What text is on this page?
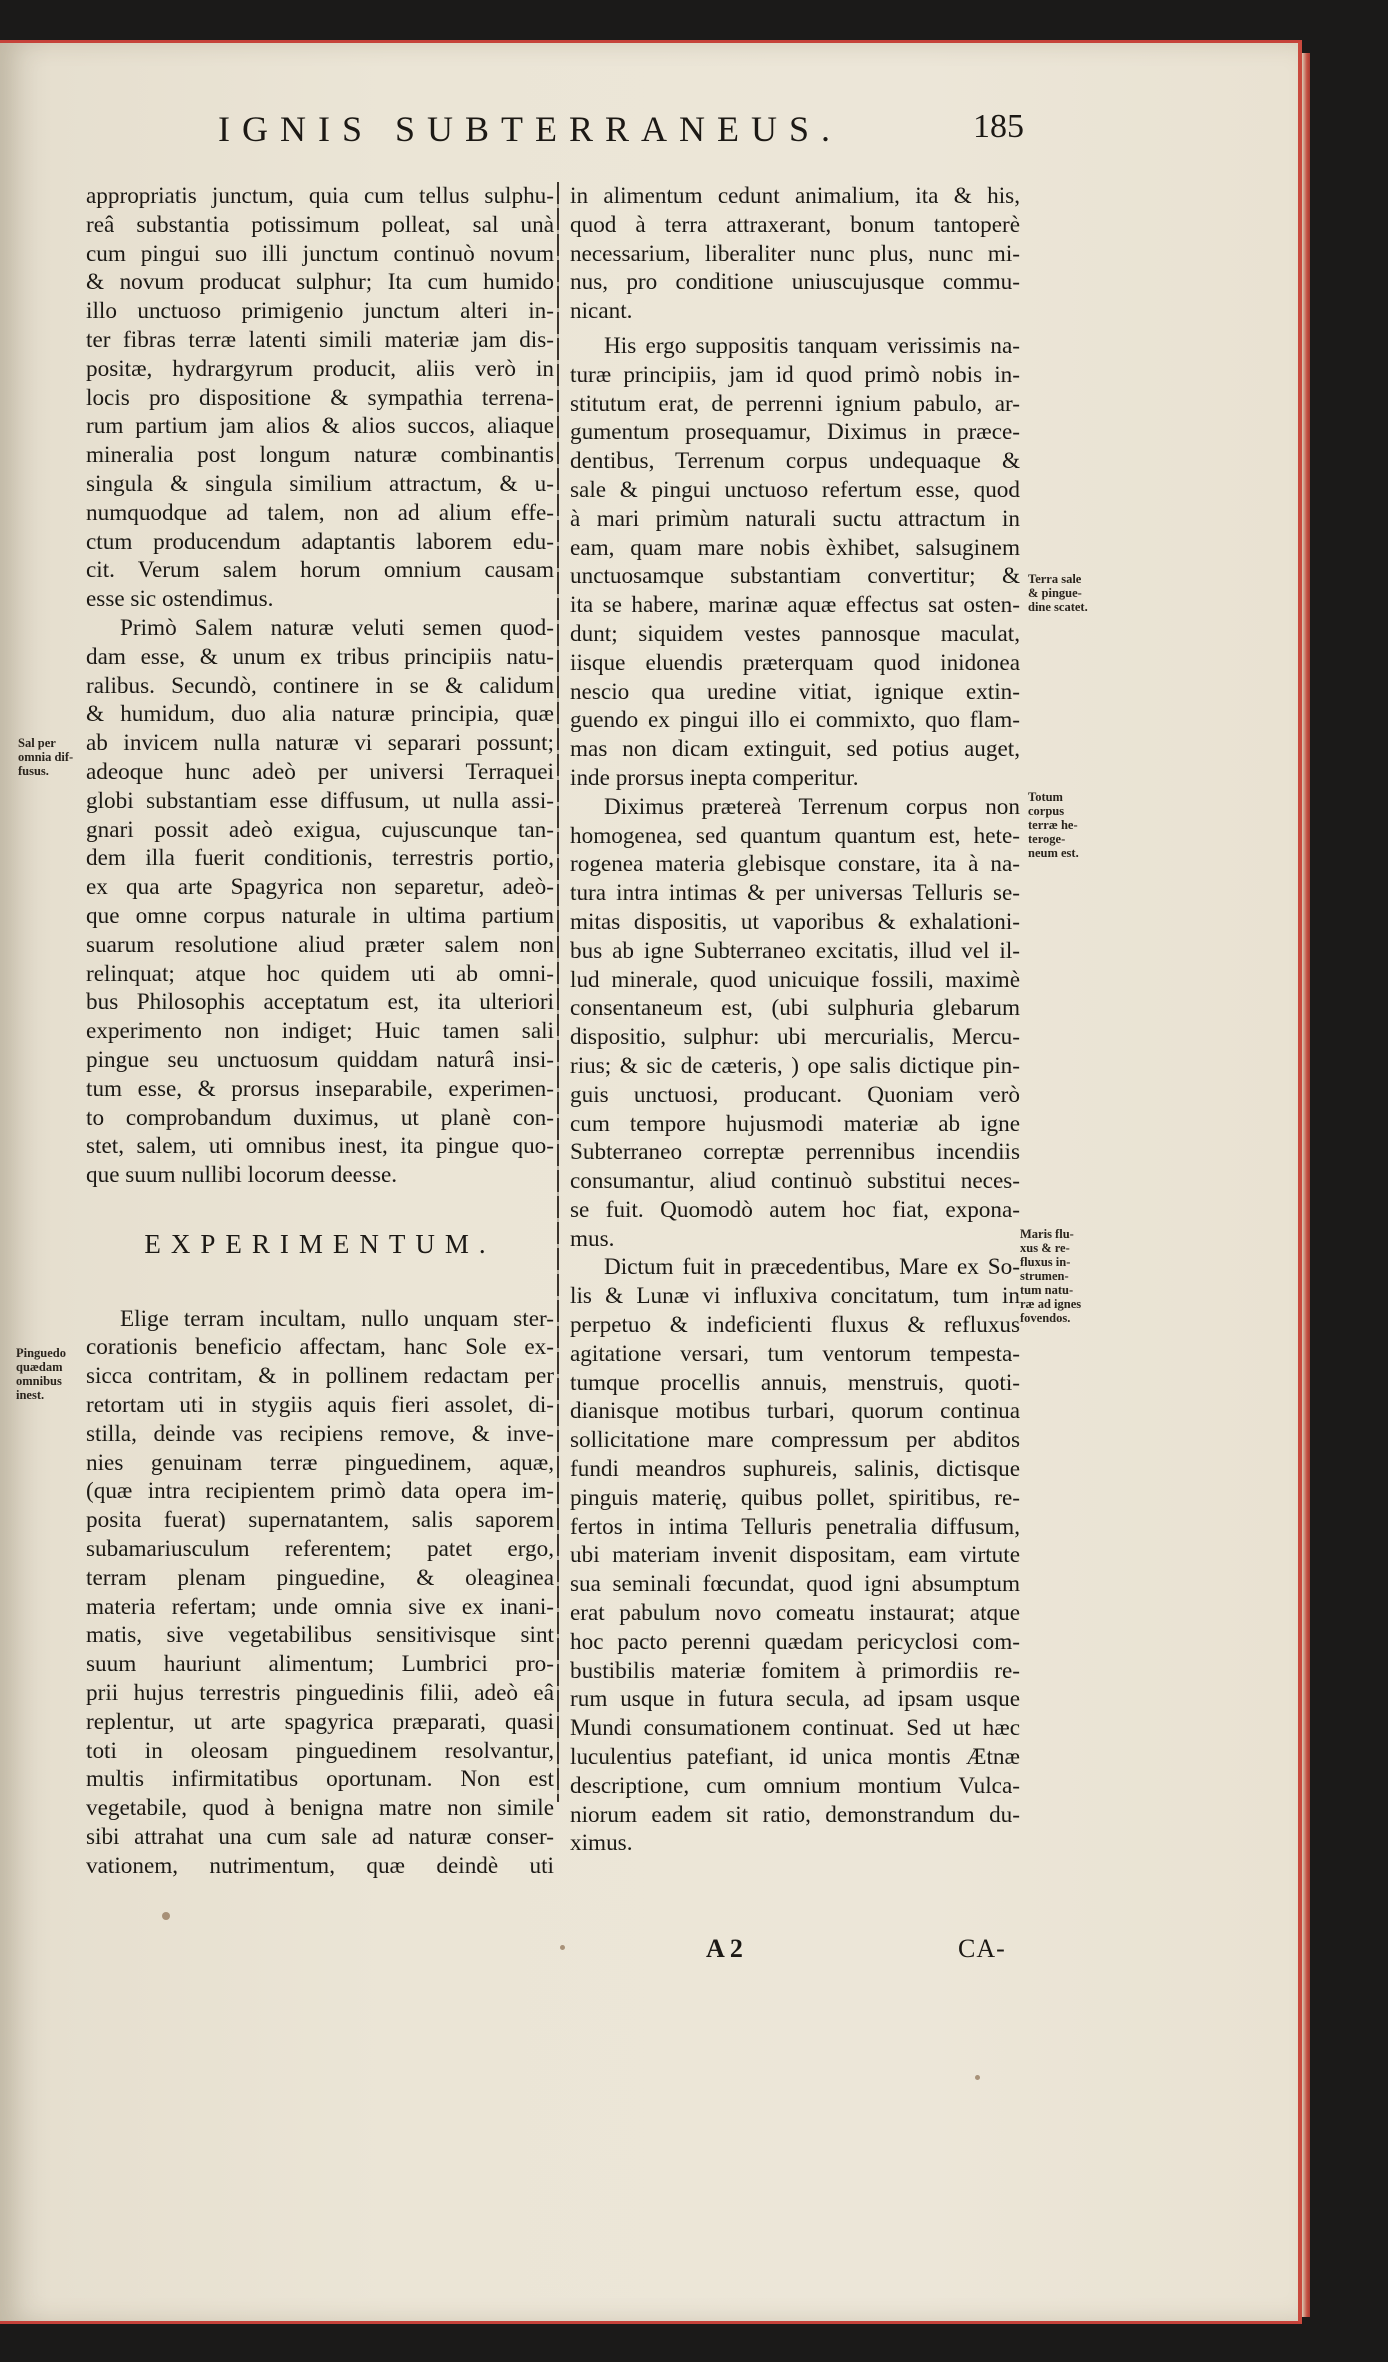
IGNIS SUBTERRANEUS.	185
appropriatis junctum, quia cum tellus sulphu-
reâ substantia potissimum polleat, sal unà
cum pingui suo illi junctum continuò novum
& novum producat sulphur; Ita cum humido
illo unctuoso primigenio junctum alteri in-
ter fibras terræ latenti simili materiæ jam dis-
positæ, hydrargyrum producit, aliis verò in
locis pro dispositione & sympathia terrena-
rum partium jam alios & alios succos, aliaque
mineralia post longum naturæ combinantis
singula & singula similium attractum, & u-
numquodque ad talem, non ad alium effe-
ctum producendum adaptantis laborem edu-
cit. Verum salem horum omnium causam
esse sic ostendimus.
Primò Salem naturæ veluti semen quod-
dam esse, & unum ex tribus principiis natu-
ralibus. Secundò, continere in se & calidum
& humidum, duo alia naturæ principia, quæ
ab invicem nulla naturæ vi separari possunt;
adeoque hunc adeò per universi Terraquei
globi substantiam esse diffusum, ut nulla assi-
gnari possit adeò exigua, cujuscunque tan-
dem illa fuerit conditionis, terrestris portio,
ex qua arte Spagyrica non separetur, adeò-
que omne corpus naturale in ultima partium
suarum resolutione aliud præter salem non
relinquat; atque hoc quidem uti ab omni-
bus Philosophis acceptatum est, ita ulteriori
experimento non indiget; Huic tamen sali
pingue seu unctuosum quiddam naturâ insi-
tum esse, & prorsus inseparabile, experimen-
to comprobandum duximus, ut planè con-
stet, salem, uti omnibus inest, ita pingue quo-
que suum nullibi locorum deesse.
EXPERIMENTUM.
Elige terram incultam, nullo unquam ster-
corationis beneficio affectam, hanc Sole ex-
sicca contritam, & in pollinem redactam per
retortam uti in stygiis aquis fieri assolet, di-
stilla, deinde vas recipiens remove, & inve-
nies genuinam terræ pinguedinem, aquæ,
(quæ intra recipientem primò data opera im-
posita fuerat) supernatantem, salis saporem
subamariusculum referentem; patet ergo,
terram plenam pinguedine, & oleaginea
materia refertam; unde omnia sive ex inani-
matis, sive vegetabilibus sensitivisque sint
suum hauriunt alimentum; Lumbrici pro-
prii hujus terrestris pinguedinis filii, adeò eâ
replentur, ut arte spagyrica præparati, quasi
toti in oleosam pinguedinem resolvantur,
multis infirmitatibus oportunam. Non est
vegetabile, quod à benigna matre non simile
sibi attrahat una cum sale ad naturæ conser-
vationem, nutrimentum, quæ deindè uti
in alimentum cedunt animalium, ita & his,
quod à terra attraxerant, bonum tantoperè
necessarium, liberaliter nunc plus, nunc mi-
nus, pro conditione uniuscujusque commu-
nicant.
His ergo suppositis tanquam verissimis na-
turæ principiis, jam id quod primò nobis in-
stitutum erat, de perrenni ignium pabulo, ar-
gumentum prosequamur, Diximus in præce-
dentibus, Terrenum corpus undequaque &
sale & pingui unctuoso refertum esse, quod
à mari primùm naturali suctu attractum in
eam, quam mare nobis èxhibet, salsuginem
unctuosamque substantiam convertitur; &
ita se habere, marinæ aquæ effectus sat osten-
dunt; siquidem vestes pannosque maculat,
iisque eluendis præterquam quod inidonea
nescio qua uredine vitiat, ignique extin-
guendo ex pingui illo ei commixto, quo flam-
mas non dicam extinguit, sed potius auget,
inde prorsus inepta comperitur.
Diximus prætereà Terrenum corpus non
homogenea, sed quantum quantum est, hete-
rogenea materia glebisque constare, ita à na-
tura intra intimas & per universas Telluris se-
mitas dispositis, ut vaporibus & exhalationi-
bus ab igne Subterraneo excitatis, illud vel il-
lud minerale, quod unicuique fossili, maximè
consentaneum est, (ubi sulphuria glebarum
dispositio, sulphur: ubi mercurialis, Mercu-
rius; & sic de cæteris, ) ope salis dictique pin-
guis unctuosi, producant. Quoniam verò
cum tempore hujusmodi materiæ ab igne
Subterraneo correptæ perrennibus incendiis
consumantur, aliud continuò substitui neces-
se fuit. Quomodò autem hoc fiat, expona-
mus.
Dictum fuit in præcedentibus, Mare ex So-
lis & Lunæ vi influxiva concitatum, tum in
perpetuo & indeficienti fluxus & refluxus
agitatione versari, tum ventorum tempesta-
tumque procellis annuis, menstruis, quoti-
dianisque motibus turbari, quorum continua
sollicitatione mare compressum per abditos
fundi meandros suphureis, salinis, dictisque
pinguis materię, quibus pollet, spiritibus, re-
fertos in intima Telluris penetralia diffusum,
ubi materiam invenit dispositam, eam virtute
sua seminali fœcundat, quod igni absumptum
erat pabulum novo comeatu instaurat; atque
hoc pacto perenni quædam pericyclosi com-
bustibilis materiæ fomitem à primordiis re-
rum usque in futura secula, ad ipsam usque
Mundi consumationem continuat. Sed ut hæc
luculentius patefiant, id unica montis Ætnæ
descriptione, cum omnium montium Vulca-
niorum eadem sit ratio, demonstrandum du-
ximus.
Sal per
omnia dif-
fusus.
Pinguedo
quædam
omnibus
inest.
Terra sale
& pingue-
dine scatet.
Totum
corpus
terræ he-
teroge-
neum est.
Maris flu-
xus & re-
fluxus in-
strumen-
tum natu-
ræ ad ignes
fovendos.
A 2	CA-
